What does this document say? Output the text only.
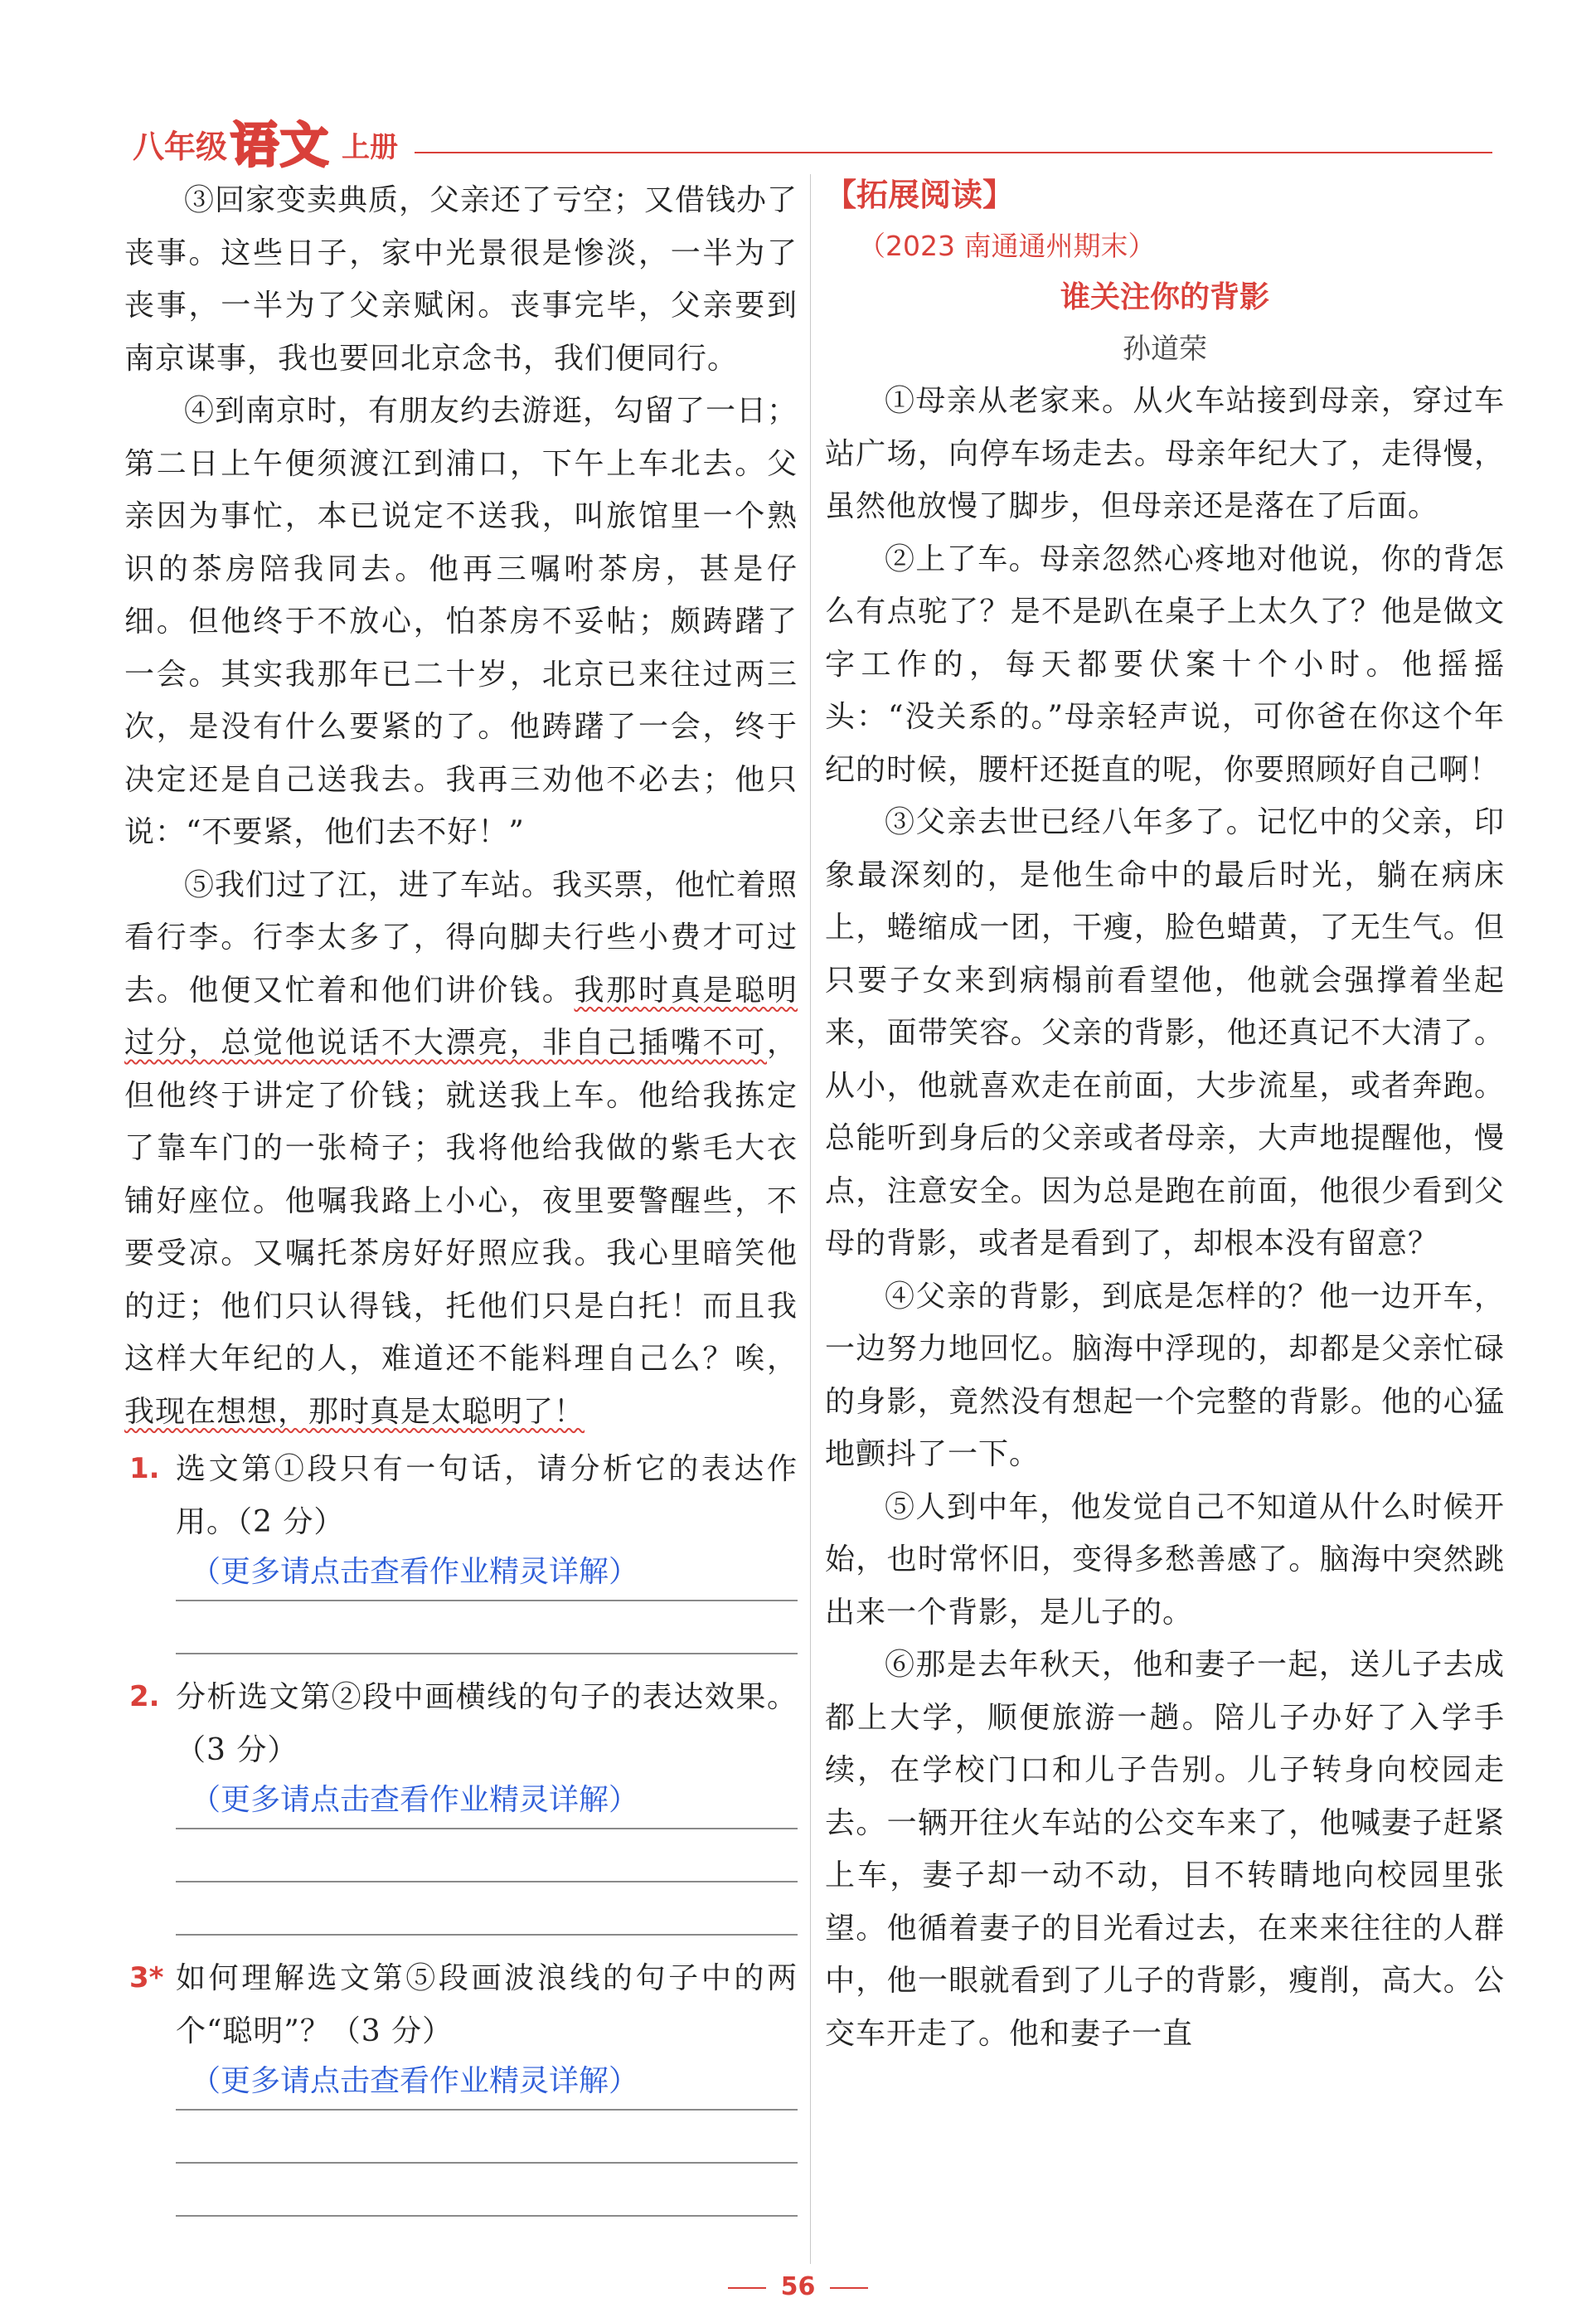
八年级 语文 上册

③回家变卖典质，父亲还了亏空；又借钱办了丧事。这些日子，家中光景很是惨淡，一半为了丧事，一半为了父亲赋闲。丧事完毕，父亲要到南京谋事，我也要回北京念书，我们便同行。

④到南京时，有朋友约去游逛，勾留了一日；第二日上午便须渡江到浦口，下午上车北去。父亲因为事忙，本已说定不送我，叫旅馆里一个熟识的茶房陪我同去。他再三嘱咐茶房，甚是仔细。但他终于不放心，怕茶房不妥帖；颇踌躇了一会。其实我那年已二十岁，北京已来往过两三次，是没有什么要紧的了。他踌躇了一会，终于决定还是自己送我去。我再三劝他不必去；他只说：“不要紧，他们去不好！”

⑤我们过了江，进了车站。我买票，他忙着照看行李。行李太多了，得向脚夫行些小费才可过去。他便又忙着和他们讲价钱。我那时真是聪明过分，总觉他说话不大漂亮，非自己插嘴不可，但他终于讲定了价钱；就送我上车。他给我拣定了靠车门的一张椅子；我将他给我做的紫毛大衣铺好座位。他嘱我路上小心，夜里要警醒些，不要受凉。又嘱托茶房好好照应我。我心里暗笑他的迂；他们只认得钱，托他们只是白托！而且我这样大年纪的人，难道还不能料理自己么？唉，我现在想想，那时真是太聪明了！

1. 选文第①段只有一句话，请分析它的表达作用。（2 分）
（更多请点击查看作业精灵详解）
2. 分析选文第②段中画横线的句子的表达效果。（3 分）
（更多请点击查看作业精灵详解）
3* 如何理解选文第⑤段画波浪线的句子中的两个“聪明”？（3 分）
（更多请点击查看作业精灵详解）
【拓展阅读】
（2023 南通通州期末）
谁关注你的背影
孙道荣

①母亲从老家来。从火车站接到母亲，穿过车站广场，向停车场走去。母亲年纪大了，走得慢，虽然他放慢了脚步，但母亲还是落在了后面。

②上了车。母亲忽然心疼地对他说，你的背怎么有点驼了？是不是趴在桌子上太久了？他是做文字工作的，每天都要伏案十个小时。他摇摇头：“没关系的。”母亲轻声说，可你爸在你这个年纪的时候，腰杆还挺直的呢，你要照顾好自己啊！

③父亲去世已经八年多了。记忆中的父亲，印象最深刻的，是他生命中的最后时光，躺在病床上，蜷缩成一团，干瘦，脸色蜡黄，了无生气。但只要子女来到病榻前看望他，他就会强撑着坐起来，面带笑容。父亲的背影，他还真记不大清了。从小，他就喜欢走在前面，大步流星，或者奔跑。总能听到身后的父亲或者母亲，大声地提醒他，慢点，注意安全。因为总是跑在前面，他很少看到父母的背影，或者是看到了，却根本没有留意？

④父亲的背影，到底是怎样的？他一边开车，一边努力地回忆。脑海中浮现的，却都是父亲忙碌的身影，竟然没有想起一个完整的背影。他的心猛地颤抖了一下。

⑤人到中年，他发觉自己不知道从什么时候开始，也时常怀旧，变得多愁善感了。脑海中突然跳出来一个背影，是儿子的。

⑥那是去年秋天，他和妻子一起，送儿子去成都上大学，顺便旅游一趟。陪儿子办好了入学手续，在学校门口和儿子告别。儿子转身向校园走去。一辆开往火车站的公交车来了，他喊妻子赶紧上车，妻子却一动不动，目不转睛地向校园里张望。他循着妻子的目光看过去，在来来往往的人群中，他一眼就看到了儿子的背影，瘦削，高大。公交车开走了。他和妻子一直

56
